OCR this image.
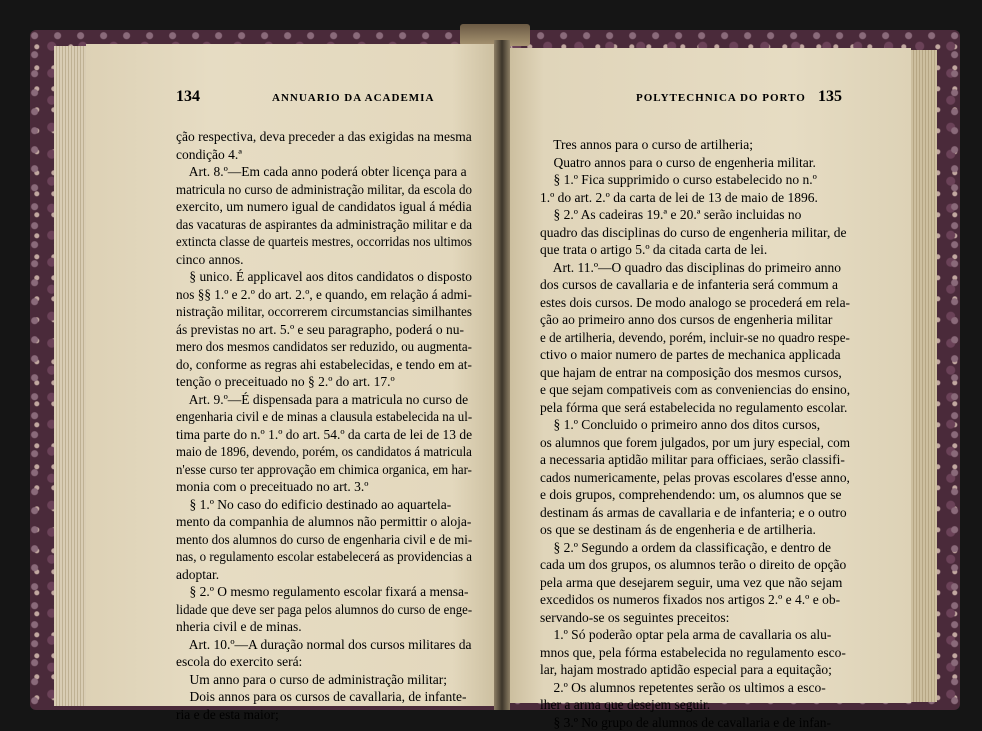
134	ANNUARIO DA ACADEMIA	POLYTECHNICA DO PORTO 135
ção respectiva, deva preceder a das exigidas na mesma
condição 4.ª
Art. 8.º—Em cada anno poderá obter licença para a
matricula no curso de administração militar, da escola do
exercito, um numero igual de candidatos igual á média
das vacaturas de aspirantes da administração militar e da
extincta classe de quarteis mestres, occorridas nos ultimos
cinco annos.
§ unico. É applicavel aos ditos candidatos o disposto
nos §§ 1.º e 2.º do art. 2.º, e quando, em relação á admi-
nistração militar, occorrerem circumstancias similhantes
ás previstas no art. 5.º e seu paragrapho, poderá o nu-
mero dos mesmos candidatos ser reduzido, ou augmenta-
do, conforme as regras ahi estabelecidas, e tendo em at-
tenção o preceituado no § 2.º do art. 17.º
Art. 9.º—É dispensada para a matricula no curso de
engenharia civil e de minas a clausula estabelecida na ul-
tima parte do n.º 1.º do art. 54.º da carta de lei de 13 de
maio de 1896, devendo, porém, os candidatos á matricula
n'esse curso ter approvação em chimica organica, em har-
monia com o preceituado no art. 3.º
§ 1.º No caso do edificio destinado ao aquartela-
mento da companhia de alumnos não permittir o aloja-
mento dos alumnos do curso de engenharia civil e de mi-
nas, o regulamento escolar estabelecerá as providencias a
adoptar.
§ 2.º O mesmo regulamento escolar fixará a mensa-
lidade que deve ser paga pelos alumnos do curso de enge-
nheria civil e de minas.
Art. 10.º—A duração normal dos cursos militares da
escola do exercito será:
Um anno para o curso de administração militar;
Dois annos para os cursos de cavallaria, de infante-
ria e de esta maior;
Tres annos para o curso de artilheria;
Quatro annos para o curso de engenheria militar.
§ 1.º Fica supprimido o curso estabelecido no n.º
1.º do art. 2.º da carta de lei de 13 de maio de 1896.
§ 2.º As cadeiras 19.ª e 20.ª serão incluidas no
quadro das disciplinas do curso de engenheria militar, de
que trata o artigo 5.º da citada carta de lei.
Art. 11.º—O quadro das disciplinas do primeiro anno
dos cursos de cavallaria e de infanteria será commum a
estes dois cursos. De modo analogo se procederá em rela-
ção ao primeiro anno dos cursos de engenheria militar
e de artilheria, devendo, porém, incluir-se no quadro respe-
ctivo o maior numero de partes de mechanica applicada
que hajam de entrar na composição dos mesmos cursos,
e que sejam compativeis com as conveniencias do ensino,
pela fórma que será estabelecida no regulamento escolar.
§ 1.º Concluido o primeiro anno dos ditos cursos,
os alumnos que forem julgados, por um jury especial, com
a necessaria aptidão militar para officiaes, serão classifi-
cados numericamente, pelas provas escolares d'esse anno,
e dois grupos, comprehendendo: um, os alumnos que se
destinam ás armas de cavallaria e de infanteria; e o outro
os que se destinam ás de engenheria e de artilheria.
§ 2.º Segundo a ordem da classificação, e dentro de
cada um dos grupos, os alumnos terão o direito de opção
pela arma que desejarem seguir, uma vez que não sejam
excedidos os numeros fixados nos artigos 2.º e 4.º e ob-
servando-se os seguintes preceitos:
1.º Só poderão optar pela arma de cavallaria os alu-
mnos que, pela fórma estabelecida no regulamento esco-
lar, hajam mostrado aptidão especial para a equitação;
2.º Os alumnos repetentes serão os ultimos a esco-
lher a arma que desejem seguir.
§ 3.º No grupo de alumnos de cavallaria e de infan-
